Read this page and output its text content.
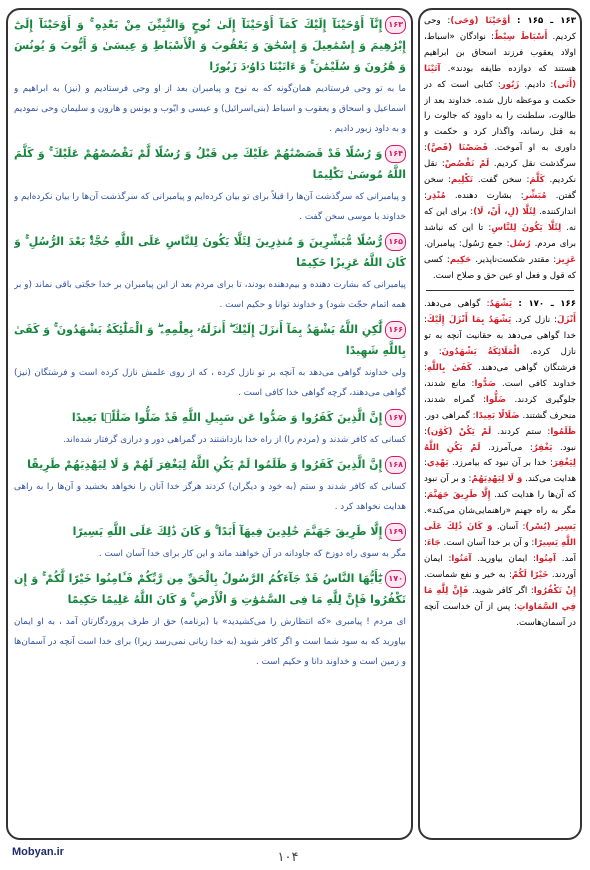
۱۶۳إِنَّآ أَوْحَيْنَآ إِلَيْكَ كَمَآ أَوْحَيْنَآ إِلَىٰ نُوحٍ وَالنَّبِيِّنَ مِنْ بَعْدِهِ ۚ وَ أَوْحَيْنَآ إِلَىٰٓ إِبْرَٰهِيمَ وَ إِسْمَٰعِيلَ وَ إِسْحَٰقَ وَ يَعْقُوبَ وَ الْأَسْبَاطِ وَ عِيسَىٰ وَ أَيُّوبَ وَ يُونُسَ وَ هَٰرُونَ وَ سُلَيْمَٰنَ ۚ وَ ءَاتَيْنَا دَاوُۥدَ زَبُورًا
ما به تو وحی فرستادیم همان‌گونه که به نوح و پیامبران بعد از او وحی فرستادیم و (نیز) به ابراهیم و اسماعیل و اسحاق و یعقوب و اسباط (بنی‌اسرائیل) و عیسی و ایّوب و یونس و هارون و سلیمان وحی نمودیم و به داود زبور دادیم .
۱۶۴وَ رُسُلًا قَدْ قَصَصْنَٰهُمْ عَلَيْكَ مِن قَبْلُ وَ رُسُلًا لَّمْ نَقْصُصْهُمْ عَلَيْكَ ۚ وَ كَلَّمَ اللَّهُ مُوسَىٰ تَكْلِيمًا
و پیامبرانی که سرگذشت آن‌ها را قبلاً برای تو بیان کرده‌ایم و پیامبرانی که سرگذشت آن‌ها را بیان نکرده‌ایم و خداوند با موسی سخن گفت .
۱۶۵رُّسُلًا مُّبَشِّرِينَ وَ مُنذِرِينَ لِئَلَّا يَكُونَ لِلنَّاسِ عَلَى اللَّهِ حُجَّةٌۢ بَعْدَ الرُّسُلِ ۚ وَ كَانَ اللَّهُ عَزِيزًا حَكِيمًا
پیامبرانی که بشارت دهنده و بیم‌دهنده بودند، تا برای مردم بعد از این پیامبران بر خدا حجّتی باقی نماند (و بر همه اتمام حجّت شود) و خداوند توانا و حکیم است .
۱۶۶لَّٰكِنِ اللَّهُ يَشْهَدُ بِمَآ أَنزَلَ إِلَيْكَ ۖ أَنزَلَهُۥ بِعِلْمِهِۦ ۖ وَ الْمَلَٰٓئِكَةُ يَشْهَدُونَ ۚ وَ كَفَىٰ بِاللَّهِ شَهِيدًا
ولی خداوند گواهی می‌دهد به آنچه بر تو نازل کرده ، که از روی علمش نازل کرده است و فرشتگان (نیز) گواهی می‌دهند، گرچه گواهی خدا کافی است .
۱۶۷إِنَّ الَّذِينَ كَفَرُوا وَ صَدُّوا عَن سَبِيلِ اللَّهِ قَدْ ضَلُّوا ضَلَٰلًۢا بَعِيدًا
کسانی که کافر شدند و (مردم را) از راه خدا بازداشتند در گمراهی دور و درازی گرفتار شده‌اند.
۱۶۸إِنَّ الَّذِينَ كَفَرُوا وَ ظَلَمُوا لَمْ يَكُنِ اللَّهُ لِيَغْفِرَ لَهُمْ وَ لَا لِيَهْدِيَهُمْ طَرِيقًا
کسانی که کافر شدند و ستم (به خود و دیگران) کردند هرگز خدا آنان را نخواهد بخشید و آن‌ها را به راهی هدایت نخواهد کرد .
۱۶۹إِلَّا طَرِيقَ جَهَنَّمَ خَٰلِدِينَ فِيهَآ أَبَدًا ۚ وَ كَانَ ذَٰلِكَ عَلَى اللَّهِ يَسِيرًا
مگر به سوی راه دوزخ که جاودانه در آن خواهند ماند و این کار برای خدا آسان است .
۱۷۰يَٰٓأَيُّهَا النَّاسُ قَدْ جَآءَكُمُ الرَّسُولُ بِالْحَقِّ مِن رَّبِّكُمْ فَـَٔامِنُوا خَيْرًا لَّكُمْ ۚ وَ إِن تَكْفُرُوا فَإِنَّ لِلَّهِ مَا فِى السَّمَٰوَٰتِ وَ الْأَرْضِ ۚ وَ كَانَ اللَّهُ عَلِيمًا حَكِيمًا
ای مردم ! پیامبری «که انتظارش را می‌کشیدید» با (برنامه) حق از طرف پروردگارتان آمد ، به او ایمان بیاورید که به سود شما است و اگر کافر شوید (به خدا زیانی نمی‌رسد زیرا) برای خدا است آنچه در آسمان‌ها و زمین است و خداوند دانا و حکیم است .
۱۶۳ ـ ۱۶۵ : أَوْحَيْنَا (وَحَى): وحی کردیم. أَسْبَاطَ سِبْطٌ: نوادگان «اسباط، اولاد یعقوب فرزند اسحاق بن ابراهیم هستند که دوازده طایفه بودند». آتَيْنَا (أَتَى): دادیم. زَبُور: کتابی است که در حکمت و موعظه نازل شده. خداوند بعد از طالوت، سلطنت را به داوود که جالوت را به قتل رساند، واگذار کرد و حکمت و داوری به او آموخت. قَصَصْنَا (قَصَّ): سرگذشت نقل کردیم. لَمْ نَقْصُصْ: نقل نکردیم. كَلَّمَ: سخن گفت. تَكْلِيم: سخن گفتن. مُبَشِّر: بشارت دهنده. مُنْذِر: اندارکننده. لِئَلَّا (لِ، أَنْ، لَا): برای این که نه. لِئَلَّا يَكُونَ لِلنَّاسِ: تا این که نباشد برای مردم. رُسُل: جمع رَسُول: پیامبران. عَزِيز: مقتدر شکست‌ناپذیر. حَكِيم: کسی که قول و فعل او عین حق و صلاح است.
۱۶۶ ـ ۱۷۰ : يَشْهَدُ: گواهی می‌دهد. أَنْزَلَ: نازل کرد. يَشْهَدُ بِمَا أَنْزَلَ إِلَيْكَ: خدا گواهی می‌دهد به حقانیت آنچه به تو نازل کرده. الْمَلَائِكَةُ يَشْهَدُونَ: و فرشتگان گواهی می‌دهند. كَفَىٰ بِاللَّهِ: خداوند کافی است. صَدُّوا: مانع شدند، جلوگیری کردند. ضَلُّوا: گمراه شدند، منحرف گشتند. ضَلَالًا بَعِيدًا: گمراهی دور. ظَلَمُوا: ستم کردند. لَمْ يَكُنْ (كَوْن): نبود. يَغْفِرُ: می‌آمرزد. لَمْ يَكُنِ اللَّهُ لِيَغْفِرَ: خدا بر آن نبود که بیامرزد. يَهْدِي: هدایت می‌کند. وَ لَا لِيَهْدِيَهُمْ: و بر آن نبود که آن‌ها را هدایت کند. إِلَّا طَرِيقَ جَهَنَّمَ: مگر به راه جهنم «راهنمایی‌شان می‌کند». يَسِير (يُسْر): آسان. وَ كَانَ ذَٰلِكَ عَلَى اللَّهِ يَسِيرًا: و آن بر خدا آسان است. جَاءَ: آمد. آمِنُوا: ایمان بیاورید. آمَنُوا: ایمان آوردند. خَيْرًا لَكُمْ: به خیر و نفع شماست. إِنْ تَكْفُرُوا: اگر کافر شوید. فَإِنَّ لِلَّهِ مَا فِي السَّمَاوَاتِ: پس از آن خداست آنچه در آسمان‌هاست.
Mobyan.ir	۱۰۴
